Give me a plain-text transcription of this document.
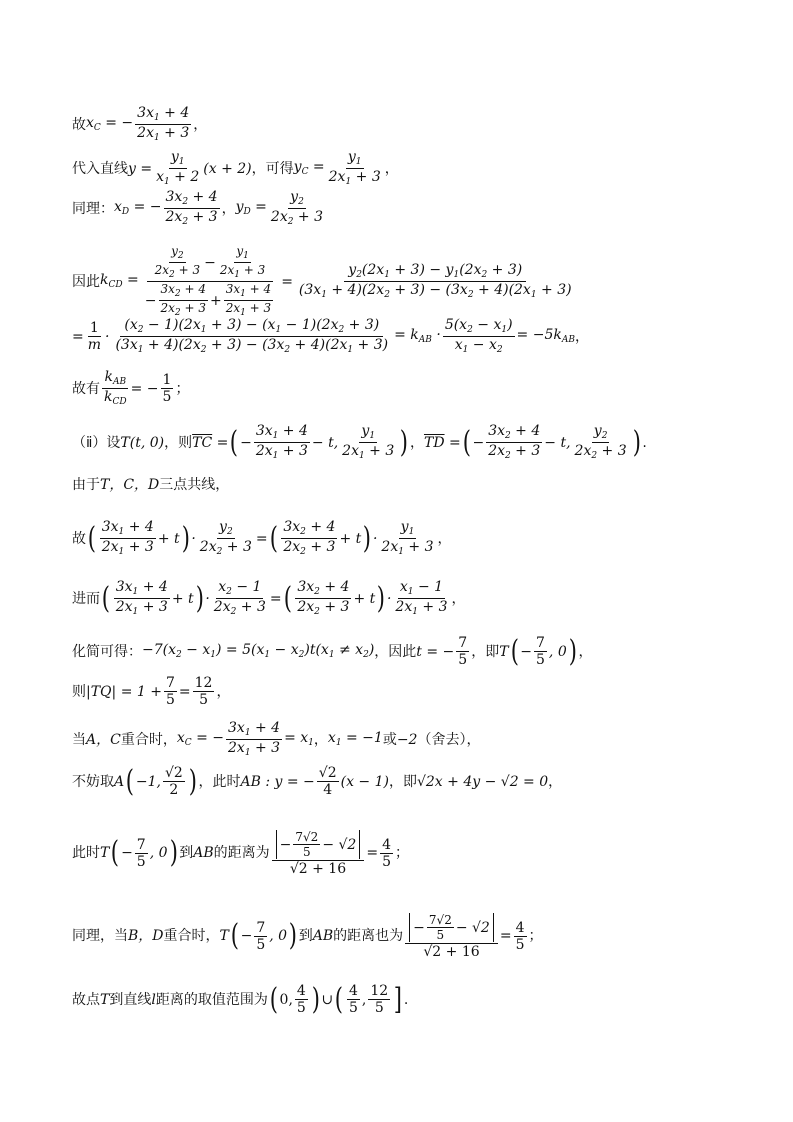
故 $x_C$ = − $\frac{3x_1 + 4}{2x_1 + 3}$ ，
代入直线 $y = \frac{y_1}{x_1 + 2} (x + 2)$ ，可得 $y_C = \frac{y_1}{2x_1 + 3}$ ，
同理： $x_D$ = − $\frac{3x_2 + 4}{2x_2 + 3}$ ， $y_D = \frac{y_2}{2x_2 + 3}$
因此 $k_{CD} = \frac{\frac{y_2}{2x_2 + 3} - \frac{y_1}{2x_1 + 3}}{- \frac{3x_2 + 4}{2x_2 + 3} + \frac{3x_1 + 4}{2x_1 + 3}} = \frac{y_2(2x_1 + 3) - y_1(2x_2 + 3)}{(3x_1 + 4)(2x_2 + 3) - (3x_2 + 4)(2x_1 + 3)}$
= $\frac{1}{m} \cdot \frac{(x_2 - 1)(2x_1 + 3) - (x_1 - 1)(2x_2 + 3)}{(3x_1 + 4)(2x_2 + 3) - (3x_2 + 4)(2x_1 + 3)} = k_{AB} \cdot \frac{5(x_2 - x_1)}{x_1 - x_2} = -5k_{AB}$ ，
故有 $\frac{k_{AB}}{k_{CD}}$ = − $\frac{1}{5}$ ；
（ⅱ）设 T(t, 0) ，则 $\overline{TC}$ = ( − $\frac{3x_1 + 4}{2x_1 + 3} - t$, $\frac{y_1}{2x_1 + 3}$ ) ， $\overline{TD}$ = ( − $\frac{3x_2 + 4}{2x_2 + 3} - t$, $\frac{y_2}{2x_2 + 3}$ ) .
由于 T，C，D 三点共线，
故 ( $\frac{3x_1 + 4}{2x_1 + 3} + t$ ) · $\frac{y_2}{2x_2 + 3}$ = ( $\frac{3x_2 + 4}{2x_2 + 3} + t$ ) · $\frac{y_1}{2x_1 + 3}$ ，
进而 ( $\frac{3x_1 + 4}{2x_1 + 3} + t$ ) · $\frac{x_2 - 1}{2x_2 + 3}$ = ( $\frac{3x_2 + 4}{2x_2 + 3} + t$ ) · $\frac{x_1 - 1}{2x_1 + 3}$ ，
化简可得： $-7(x_2 - x_1) = 5(x_1 - x_2)t(x_1 \ne x_2)$ ，因此 t = − $\frac{7}{5}$ ，即 T ( − $\frac{7}{5}$ , 0 ) ，
则 $|TQ| = 1 + \frac{7}{5} = \frac{12}{5}$ ，
当 A，C 重合时， $x_C$ = − $\frac{3x_1 + 4}{2x_1 + 3} = x_1$ ， $x_1 = -1$ 或 −2 （舍去），
不妨取 A ( −1, $\frac{√2}{2}$ ) ，此时 AB : y = − $\frac{√2}{4} (x - 1)$ ，即 √2x + 4y − √2 = 0 ，
此时 T ( − $\frac{7}{5}$ , 0 ) 到 AB 的距离为 $\frac{- \frac{7√2}{5} - √2}{√2 + 16} = \frac{4}{5}$ ；
同理，当 B，D 重合时， T ( − $\frac{7}{5}$ , 0 ) 到 AB 的距离也为 $\frac{- \frac{7√2}{5} - √2}{√2 + 16} = \frac{4}{5}$ ；
故点 T 到直线 l 距离的取值范围为 ( 0, $\frac{4}{5}$ ) ∪ ( $\frac{4}{5}$ , $\frac{12}{5}$ ] .
